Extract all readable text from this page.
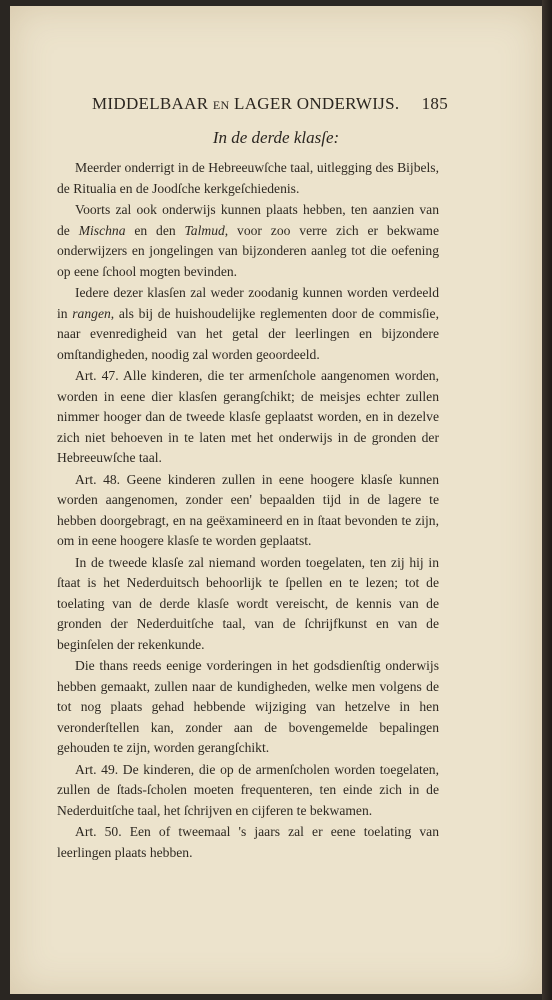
MIDDELBAAR EN LAGER ONDERWIJS. 185
In de derde klasſe:

Meerder onderrigt in de Hebreeuwſche taal, uitlegging des Bijbels, de Ritualia en de Joodſche kerkgeſchiedenis.

Voorts zal ook onderwijs kunnen plaats hebben, ten aanzien van de Mischna en den Talmud, voor zoo verre zich er bekwame onderwijzers en jongelingen van bijzonderen aanleg tot die oefening op eene ſchool mogten bevinden.

Iedere dezer klasſen zal weder zoodanig kunnen worden verdeeld in rangen, als bij de huishoudelijke reglementen door de commisſie, naar evenredigheid van het getal der leerlingen en bijzondere omſtandigheden, noodig zal worden geoordeeld.

Art. 47. Alle kinderen, die ter armenſchole aangenomen worden, worden in eene dier klasſen gerangſchikt; de meisjes echter zullen nimmer hooger dan de tweede klasſe geplaatst worden, en in dezelve zich niet behoeven in te laten met het onderwijs in de gronden der Hebreeuwſche taal.

Art. 48. Geene kinderen zullen in eene hoogere klasſe kunnen worden aangenomen, zonder een' bepaalden tijd in de lagere te hebben doorgebragt, en na geëxamineerd en in ſtaat bevonden te zijn, om in eene hoogere klasſe te worden geplaatst.

In de tweede klasſe zal niemand worden toegelaten, ten zij hij in ſtaat is het Nederduitsch behoorlijk te ſpellen en te lezen; tot de toelating van de derde klasſe wordt vereischt, de kennis van de gronden der Nederduitſche taal, van de ſchrijfkunst en van de beginſelen der rekenkunde.

Die thans reeds eenige vorderingen in het godsdienſtig onderwijs hebben gemaakt, zullen naar de kundigheden, welke men volgens de tot nog plaats gehad hebbende wijziging van hetzelve in hen veronderſtellen kan, zonder aan de bovengemelde bepalingen gehouden te zijn, worden gerangſchikt.

Art. 49. De kinderen, die op de armenſcholen worden toegelaten, zullen de ſtads-ſcholen moeten frequenteren, ten einde zich in de Nederduitſche taal, het ſchrijven en cijferen te bekwamen.

Art. 50. Een of tweemaal 's jaars zal er eene toelating van leerlingen plaats hebben.
